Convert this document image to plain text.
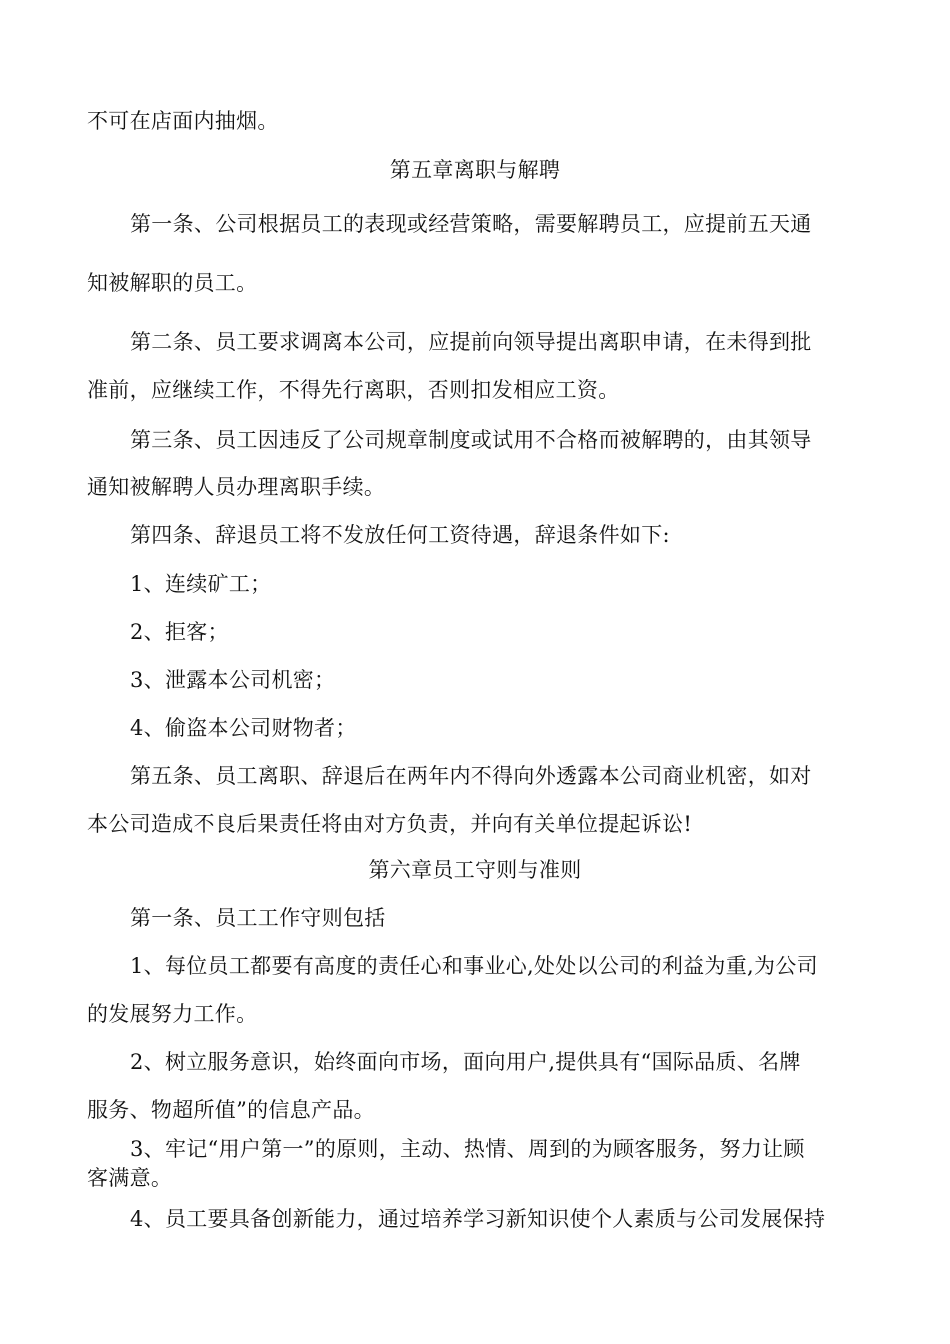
不可在店面内抽烟。
第五章离职与解聘
第一条、公司根据员工的表现或经营策略，需要解聘员工，应提前五天通
知被解职的员工。
第二条、员工要求调离本公司，应提前向领导提出离职申请，在未得到批
准前，应继续工作，不得先行离职，否则扣发相应工资。
第三条、员工因违反了公司规章制度或试用不合格而被解聘的，由其领导
通知被解聘人员办理离职手续。
第四条、辞退员工将不发放任何工资待遇，辞退条件如下:
1、连续矿工；
2、拒客；
3、泄露本公司机密；
4、偷盗本公司财物者；
第五条、员工离职、辞退后在两年内不得向外透露本公司商业机密，如对
本公司造成不良后果责任将由对方负责，并向有关单位提起诉讼!
第六章员工守则与准则
第一条、员工工作守则包括
1、每位员工都要有高度的责任心和事业心,处处以公司的利益为重,为公司
的发展努力工作。
2、树立服务意识，始终面向市场，面向用户,提供具有“国际品质、名牌
服务、物超所值”的信息产品。
3、牢记“用户第一”的原则，主动、热情、周到的为顾客服务，努力让顾
客满意。
4、员工要具备创新能力，通过培养学习新知识使个人素质与公司发展保持
